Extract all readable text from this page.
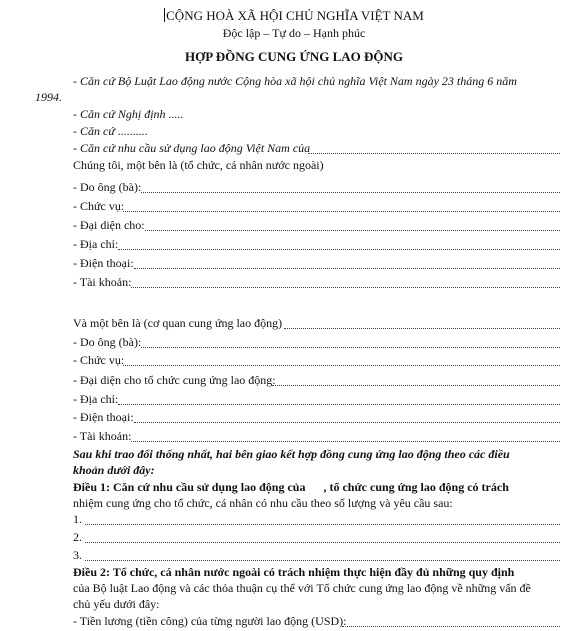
CỘNG HOÀ XÃ HỘI CHỦ NGHĨA VIỆT NAM
Độc lập – Tự do – Hạnh phúc
HỢP ĐỒNG CUNG ỨNG LAO ĐỘNG
- Căn cứ Bộ Luật Lao động nước Cộng hòa xã hội chủ nghĩa Việt Nam ngày 23 tháng 6 năm
1994.
- Căn cứ Nghị định .....
- Căn cứ ..........
- Căn cứ nhu cầu sử dụng lao động Việt Nam của
Chúng tôi, một bên là (tổ chức, cá nhân nước ngoài)
- Do ông (bà):
- Chức vụ:
- Đại diện cho:
- Địa chỉ:
- Điện thoại:
- Tài khoản:
Và một bên là (cơ quan cung ứng lao động)
- Do ông (bà):
- Chức vụ:
- Đại diện cho tổ chức cung ứng lao động:
- Địa chỉ:
- Điện thoại:
- Tài khoản:
Sau khi trao đổi thống nhất, hai bên giao kết hợp đồng cung ứng lao động theo các điều
khoản dưới đây:
Điều 1: Căn cứ nhu cầu sử dụng lao động của , tổ chức cung ứng lao động có trách
nhiệm cung ứng cho tổ chức, cá nhân có nhu cầu theo số lượng và yêu cầu sau:
1.
2.
3.
Điều 2: Tổ chức, cá nhân nước ngoài có trách nhiệm thực hiện đầy đủ những quy định
của Bộ luật Lao động và các thỏa thuận cụ thể với Tổ chức cung ứng lao động về những vấn đề
chủ yếu dưới đây:
- Tiền lương (tiền công) của từng người lao động (USD):
